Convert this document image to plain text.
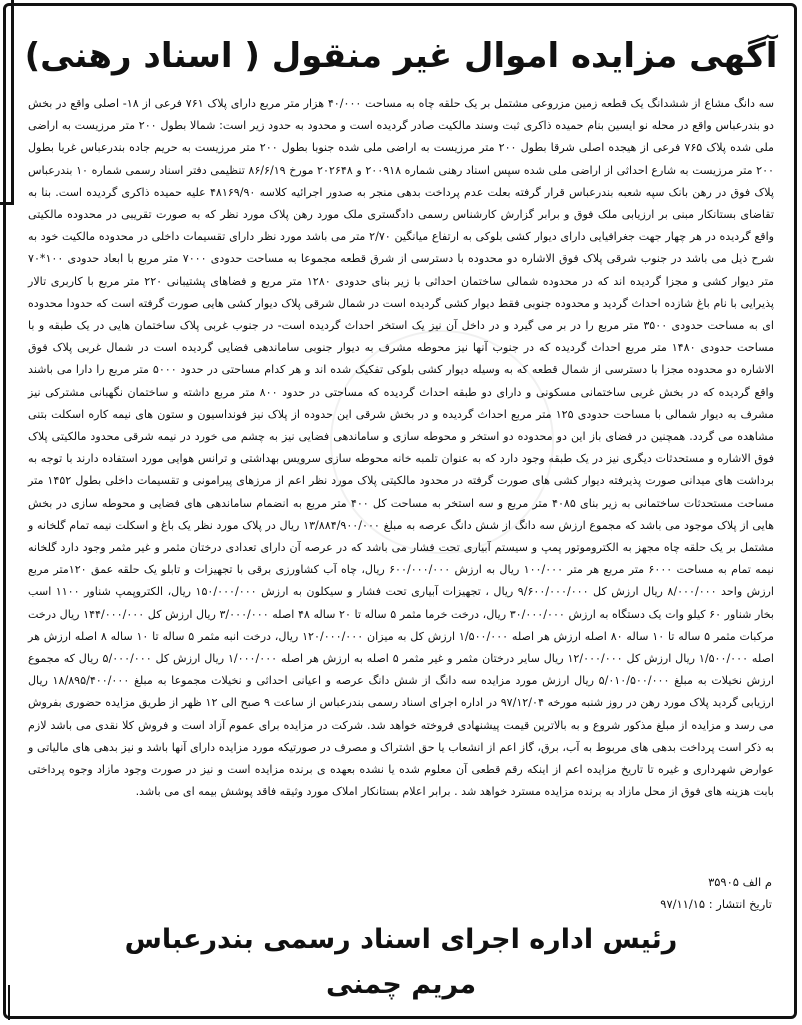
آگهی مزایده اموال غیر منقول ( اسناد رهنی)
سه دانگ مشاع از ششدانگ یک قطعه زمین مزروعی مشتمل بر یک حلقه چاه به مساحت ۴۰/۰۰۰ هزار متر مربع دارای پلاک ۷۶۱ فرعی از ۱۸- اصلی واقع در بخش دو بندرعباس واقع در محله نو ایسین بنام حمیده ذاکری ثبت وسند مالکیت صادر گردیده است و محدود به حدود زیر است: شمالا بطول ۲۰۰ متر مرزیست به اراضی ملی شده پلاک ۷۶۵ فرعی از هیجده اصلی شرقا بطول ۲۰۰ متر مرزیست به اراضی ملی شده جنوبا بطول ۲۰۰ متر مرزیست به حریم جاده بندرعباس غربا بطول ۲۰۰ متر مرزیست به شارع احداثی از اراضی ملی شده سپس اسناد رهنی شماره ۲۰۰۹۱۸ و ۲۰۲۶۴۸ مورخ ۸۶/۶/۱۹ تنظیمی دفتر اسناد رسمی شماره ۱۰ بندرعباس پلاک فوق در رهن بانک سپه شعبه بندرعباس قرار گرفته بعلت عدم پرداخت بدهی منجر به صدور اجرائیه کلاسه ۴۸۱۶۹/۹۰ علیه حمیده ذاکری گردیده است. بنا به تقاضای بستانکار مبنی بر ارزیابی ملک فوق و برابر گزارش کارشناس رسمی دادگستری ملک مورد رهن پلاک مورد نظر که به صورت تقریبی در محدوده مالکیتی واقع گردیده در هر چهار جهت جغرافیایی دارای دیوار کشی بلوکی به ارتفاع میانگین ۲/۷۰ متر می باشد مورد نظر دارای تقسیمات داخلی در محدوده مالکیت خود به شرح ذیل می باشد در جنوب شرقی پلاک فوق الاشاره دو محدوده با دسترسی از شرق قطعه مجموعا به مساحت حدودی ۷۰۰۰ متر مربع با ابعاد حدودی ۱۰۰*۷۰ متر دیوار کشی و مجزا گردیده اند که در محدوده شمالی ساختمان احداثی با زیر بنای حدودی ۱۲۸۰ متر مربع و فضاهای پشتیبانی ۲۲۰ متر مربع با کاربری تالار پذیرایی با نام باغ شازده احداث گردید و محدوده جنوبی فقط دیوار کشی گردیده است در شمال شرقی پلاک دیوار کشی هایی صورت گرفته است که حدودا محدوده ای به مساحت حدودی ۳۵۰۰ متر مربع را در بر می گیرد و در داخل آن نیز یک استخر احداث گردیده است- در جنوب غربی پلاک ساختمان هایی در یک طبقه و با مساحت حدودی ۱۴۸۰ متر مربع احداث گردیده که در جنوب آنها نیز محوطه مشرف به دیوار جنوبی ساماندهی فضایی گردیده است در شمال غربی پلاک فوق الاشاره دو محدوده مجزا با دسترسی از شمال قطعه که به وسیله دیوار کشی بلوکی تفکیک شده اند و هر کدام مساحتی در حدود ۵۰۰۰ متر مربع را دارا می باشند واقع گردیده که در بخش غربی ساختمانی مسکونی و دارای دو طبقه احداث گردیده که مساحتی در حدود ۸۰۰ متر مربع داشته و ساختمان نگهبانی مشترکی نیز مشرف به دیوار شمالی با مساحت حدودی ۱۲۵ متر مربع احداث گردیده و در بخش شرقی این حدوده از پلاک نیز فونداسیون و ستون های نیمه کاره اسکلت بتنی مشاهده می گردد. همچنین در فضای باز این دو محدوده دو استخر و محوطه سازی و ساماندهی فضایی نیز به چشم می خورد در نیمه شرقی محدود مالکیتی پلاک فوق الاشاره و مستحدثات دیگری نیز در یک طبقه وجود دارد که به عنوان تلمبه خانه محوطه سازی سرویس بهداشتی و ترانس هوایی مورد استفاده دارند با توجه به برداشت های میدانی صورت پذیرفته دیوار کشی های صورت گرفته در محدود مالکیتی پلاک مورد نظر اعم از مرزهای پیرامونی و تقسیمات داخلی بطول ۱۴۵۲ متر مساحت مستحدثات ساختمانی به زیر بنای ۴۰۸۵ متر مربع و سه استخر به مساحت کل ۴۰۰ متر مربع به انضمام ساماندهی های فضایی و محوطه سازی در بخش هایی از پلاک موجود می باشد که مجموع ارزش سه دانگ از شش دانگ عرصه به مبلغ ۱۳/۸۸۴/۹۰۰/۰۰۰ ریال در پلاک مورد نظر یک باغ و اسکلت نیمه تمام گلخانه و مشتمل بر یک حلقه چاه مجهز به الکتروموتور پمپ و سیستم آبیاری تحت فشار می باشد که در عرصه آن دارای تعدادی درختان مثمر و غیر مثمر وجود دارد گلخانه نیمه تمام به مساحت ۶۰۰۰ متر مربع هر متر ۱۰۰/۰۰۰ ریال به ارزش ۶۰۰/۰۰۰/۰۰۰ ریال، چاه آب کشاورزی برقی با تجهیزات و تابلو یک حلقه عمق ۱۲۰متر مربع ارزش واحد ۸/۰۰۰/۰۰۰ ریال ارزش کل ۹/۶۰۰/۰۰۰/۰۰۰ ریال ، تجهیزات آبیاری تحت فشار و سیکلون به ارزش ۱۵۰/۰۰۰/۰۰۰ ریال، الکتروپمپ شناور ۱۱۰۰ اسب بخار شناور ۶۰ کیلو وات یک دستگاه به ارزش ۳۰/۰۰۰/۰۰۰ ریال، درخت خرما مثمر ۵ ساله تا ۲۰ ساله ۴۸ اصله ۳/۰۰۰/۰۰۰ ریال ارزش کل ۱۴۴/۰۰۰/۰۰۰ ریال درخت مرکبات مثمر ۵ ساله تا ۱۰ ساله ۸۰ اصله ارزش هر اصله ۱/۵۰۰/۰۰۰ ارزش کل به میزان ۱۲۰/۰۰۰/۰۰۰ ریال، درخت انبه مثمر ۵ ساله تا ۱۰ ساله ۸ اصله ارزش هر اصله ۱/۵۰۰/۰۰۰ ریال ارزش کل ۱۲/۰۰۰/۰۰۰ ریال سایر درختان مثمر و غیر مثمر ۵ اصله به ارزش هر اصله ۱/۰۰۰/۰۰۰ ریال ارزش کل ۵/۰۰۰/۰۰۰ ریال که مجموع ارزش نخیلات به مبلغ ۵/۰۱۰/۵۰۰/۰۰۰ ریال ارزش مورد مزایده سه دانگ از شش دانگ عرصه و اعیانی احداثی و نخیلات مجموعا به مبلغ ۱۸/۸۹۵/۴۰۰/۰۰۰ ریال ارزیابی گردید پلاک مورد رهن در روز شنبه مورخه ۹۷/۱۲/۰۴ در اداره اجرای اسناد رسمی بندرعباس از ساعت ۹ صبح الی ۱۲ ظهر از طریق مزایده حضوری بفروش می رسد و مزایده از مبلغ مذکور شروع و به بالاترین قیمت پیشنهادی فروخته خواهد شد. شرکت در مزایده برای عموم آزاد است و فروش کلا نقدی می باشد لازم به ذکر است پرداخت بدهی های مربوط به آب، برق، گاز اعم از انشعاب یا حق اشتراک و مصرف در صورتیکه مورد مزایده دارای آنها باشد و نیز بدهی های مالیاتی و عوارض شهرداری و غیره تا تاریخ مزایده اعم از اینکه رقم قطعی آن معلوم شده یا نشده بعهده ی برنده مزایده است و نیز در صورت وجود مازاد وجوه پرداختی بابت هزینه های فوق از محل مازاد به برنده مزایده مسترد خواهد شد . برابر اعلام بستانکار املاک مورد وثیقه فاقد پوشش بیمه ای می باشد.
م الف ۳۵۹۰۵
تاریخ انتشار : ۹۷/۱۱/۱۵
رئیس اداره اجرای اسناد رسمی بندرعباس
مریم چمنی
